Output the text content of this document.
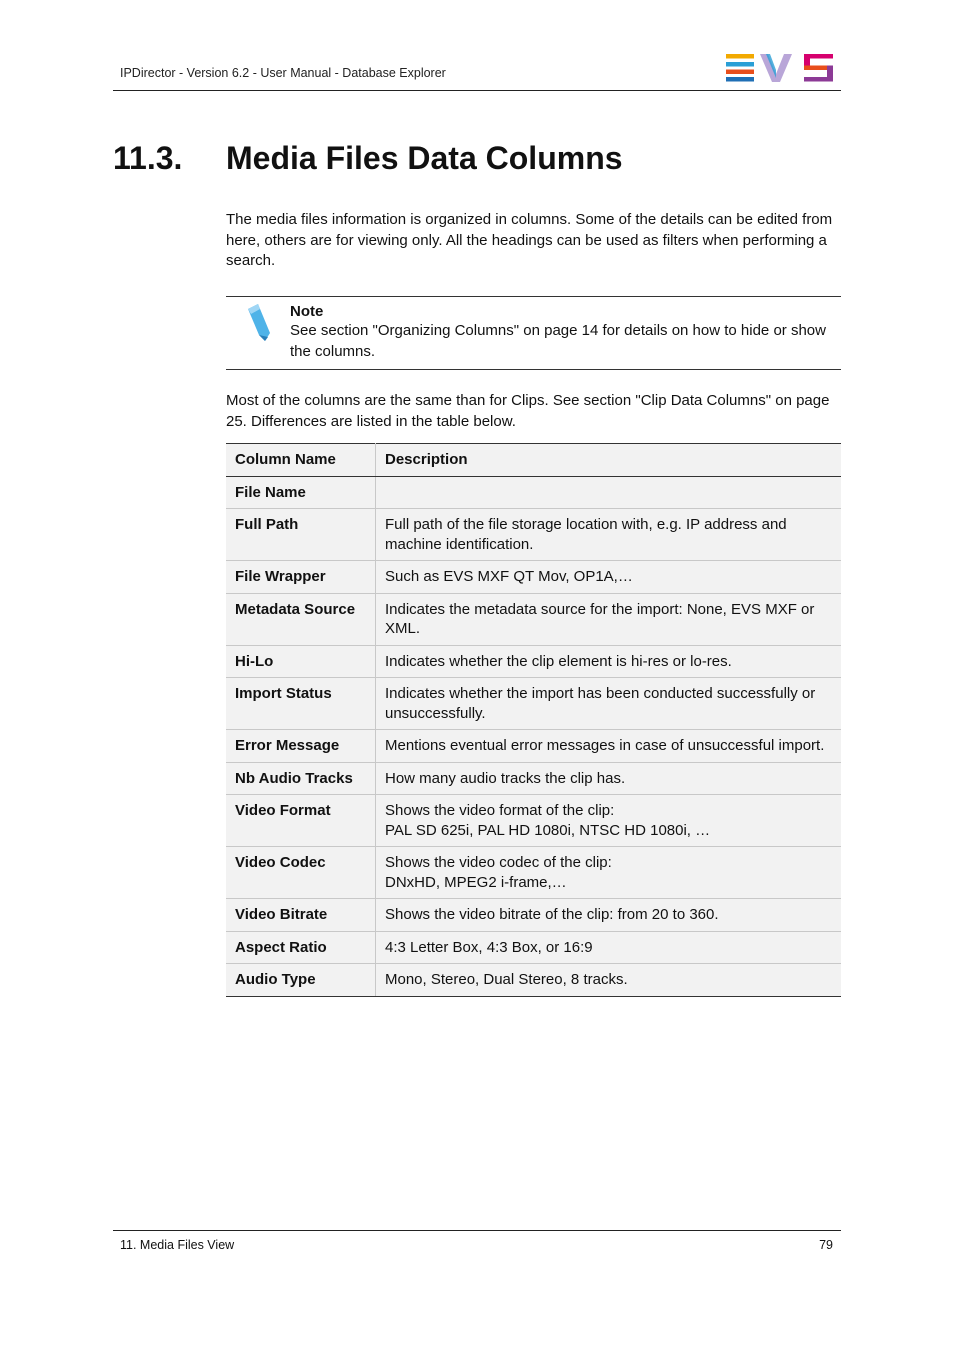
IPDirector - Version 6.2 - User Manual - Database Explorer
11.3. Media Files Data Columns
The media files information is organized in columns. Some of the details can be edited from here, others are for viewing only. All the headings can be used as filters when performing a search.
Note
See section "Organizing Columns" on page 14 for details on how to hide or show the columns.
Most of the columns are the same than for Clips. See section "Clip Data Columns" on page 25. Differences are listed in the table below.
Column Name	Description
File Name	
Full Path	Full path of the file storage location with, e.g. IP address and machine identification.
File Wrapper	Such as EVS MXF QT Mov, OP1A,…
Metadata Source	Indicates the metadata source for the import: None, EVS MXF or XML.
Hi-Lo	Indicates whether the clip element is hi-res or lo-res.
Import Status	Indicates whether the import has been conducted successfully or unsuccessfully.
Error Message	Mentions eventual error messages in case of unsuccessful import.
Nb Audio Tracks	How many audio tracks the clip has.
Video Format	Shows the video format of the clip:
PAL SD 625i, PAL HD 1080i, NTSC HD 1080i, …
Video Codec	Shows the video codec of the clip:
DNxHD, MPEG2 i-frame,…
Video Bitrate	Shows the video bitrate of the clip: from 20 to 360.
Aspect Ratio	4:3 Letter Box, 4:3 Box, or 16:9
Audio Type	Mono, Stereo, Dual Stereo, 8 tracks.
11. Media Files View	79
